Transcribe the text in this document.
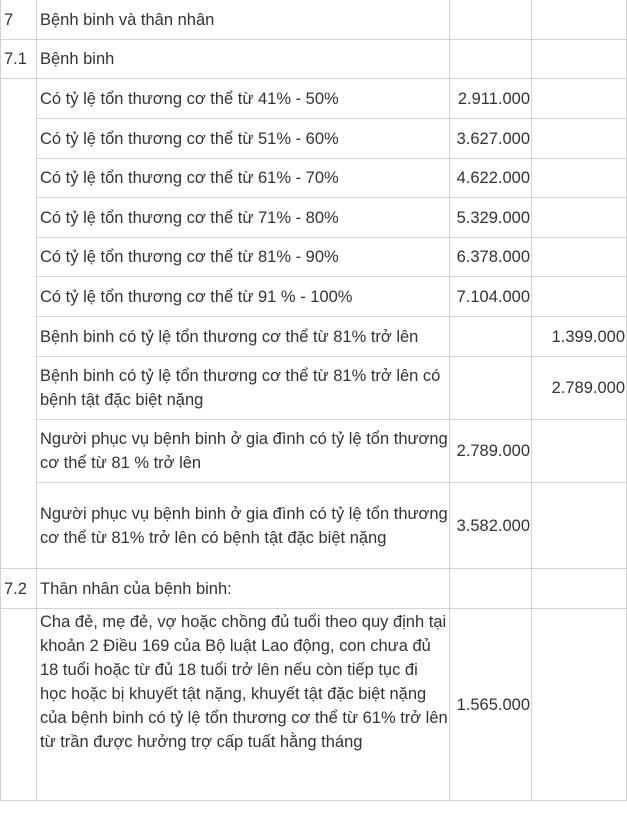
7	Bệnh binh và thân nhân		
7.1	Bệnh binh		
	Có tỷ lệ tổn thương cơ thể từ 41% - 50%	2.911.000	
	Có tỷ lệ tổn thương cơ thể từ 51% - 60%	3.627.000	
	Có tỷ lệ tổn thương cơ thể từ 61% - 70%	4.622.000	
	Có tỷ lệ tổn thương cơ thể từ 71% - 80%	5.329.000	
	Có tỷ lệ tổn thương cơ thể từ 81% - 90%	6.378.000	
	Có tỷ lệ tổn thương cơ thể từ 91 % - 100%	7.104.000	
	Bệnh binh có tỷ lệ tổn thương cơ thể từ 81% trở lên		1.399.000
	Bệnh binh có tỷ lệ tổn thương cơ thể từ 81% trở lên có bệnh tật đặc biệt nặng		2.789.000
	Người phục vụ bệnh binh ở gia đình có tỷ lệ tổn thương cơ thể từ 81 % trở lên	2.789.000	
	Người phục vụ bệnh binh ở gia đình có tỷ lệ tổn thương cơ thể từ 81% trở lên có bệnh tật đặc biệt nặng	3.582.000	
7.2	Thân nhân của bệnh binh:		
	Cha đẻ, mẹ đẻ, vợ hoặc chồng đủ tuổi theo quy định tại khoản 2 Điều 169 của Bộ luật Lao động, con chưa đủ 18 tuổi hoặc từ đủ 18 tuổi trở lên nếu còn tiếp tục đi học hoặc bị khuyết tật nặng, khuyết tật đặc biệt nặng của bệnh binh có tỷ lệ tổn thương cơ thể từ 61% trở lên từ trần được hưởng trợ cấp tuất hằng tháng	1.565.000	
